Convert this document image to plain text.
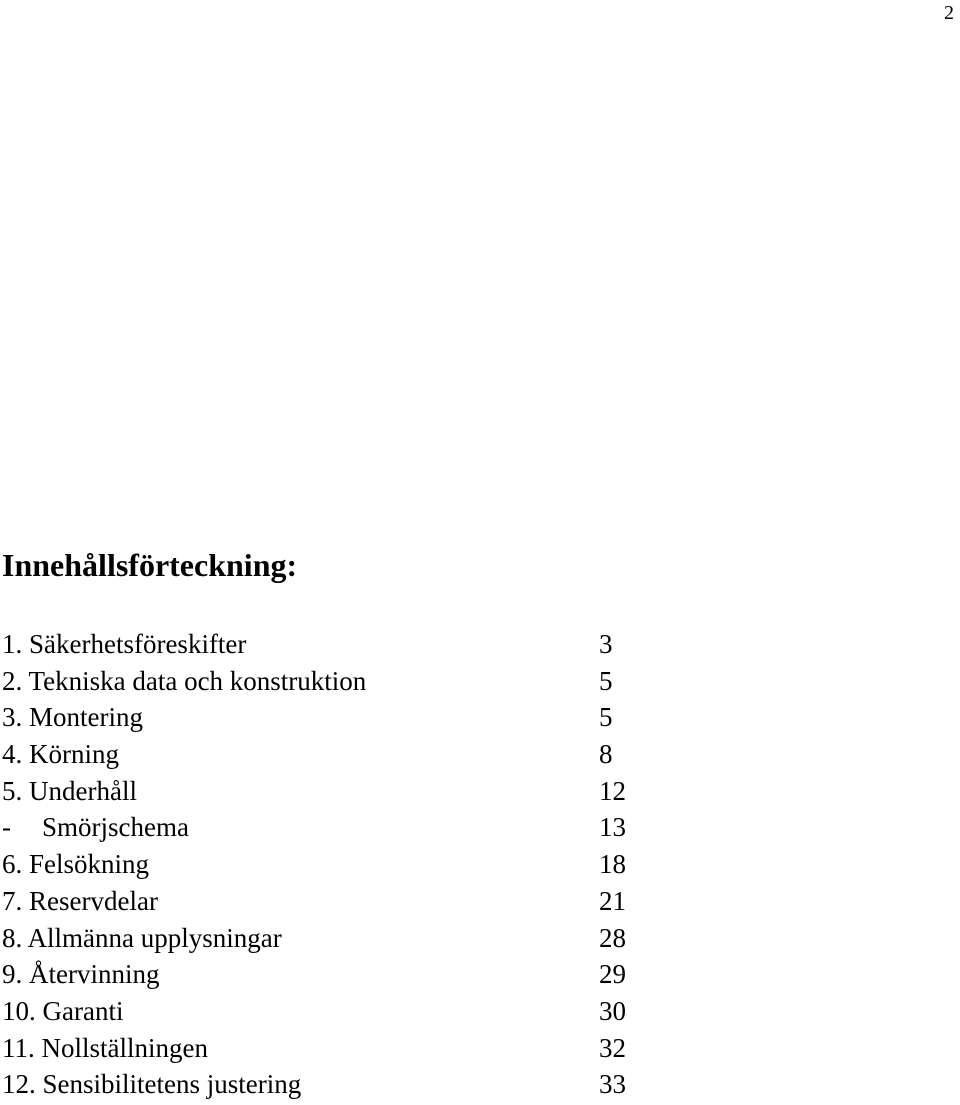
2
Innehållsförteckning:
1. Säkerhetsföreskifter	3
2. Tekniska data och konstruktion	5
3. Montering	5
4. Körning	8
5. Underhåll	12
- Smörjschema	13
6. Felsökning	18
7. Reservdelar	21
8. Allmänna upplysningar	28
9. Återvinning	29
10. Garanti	30
11. Nollställningen	32
12. Sensibilitetens justering	33
